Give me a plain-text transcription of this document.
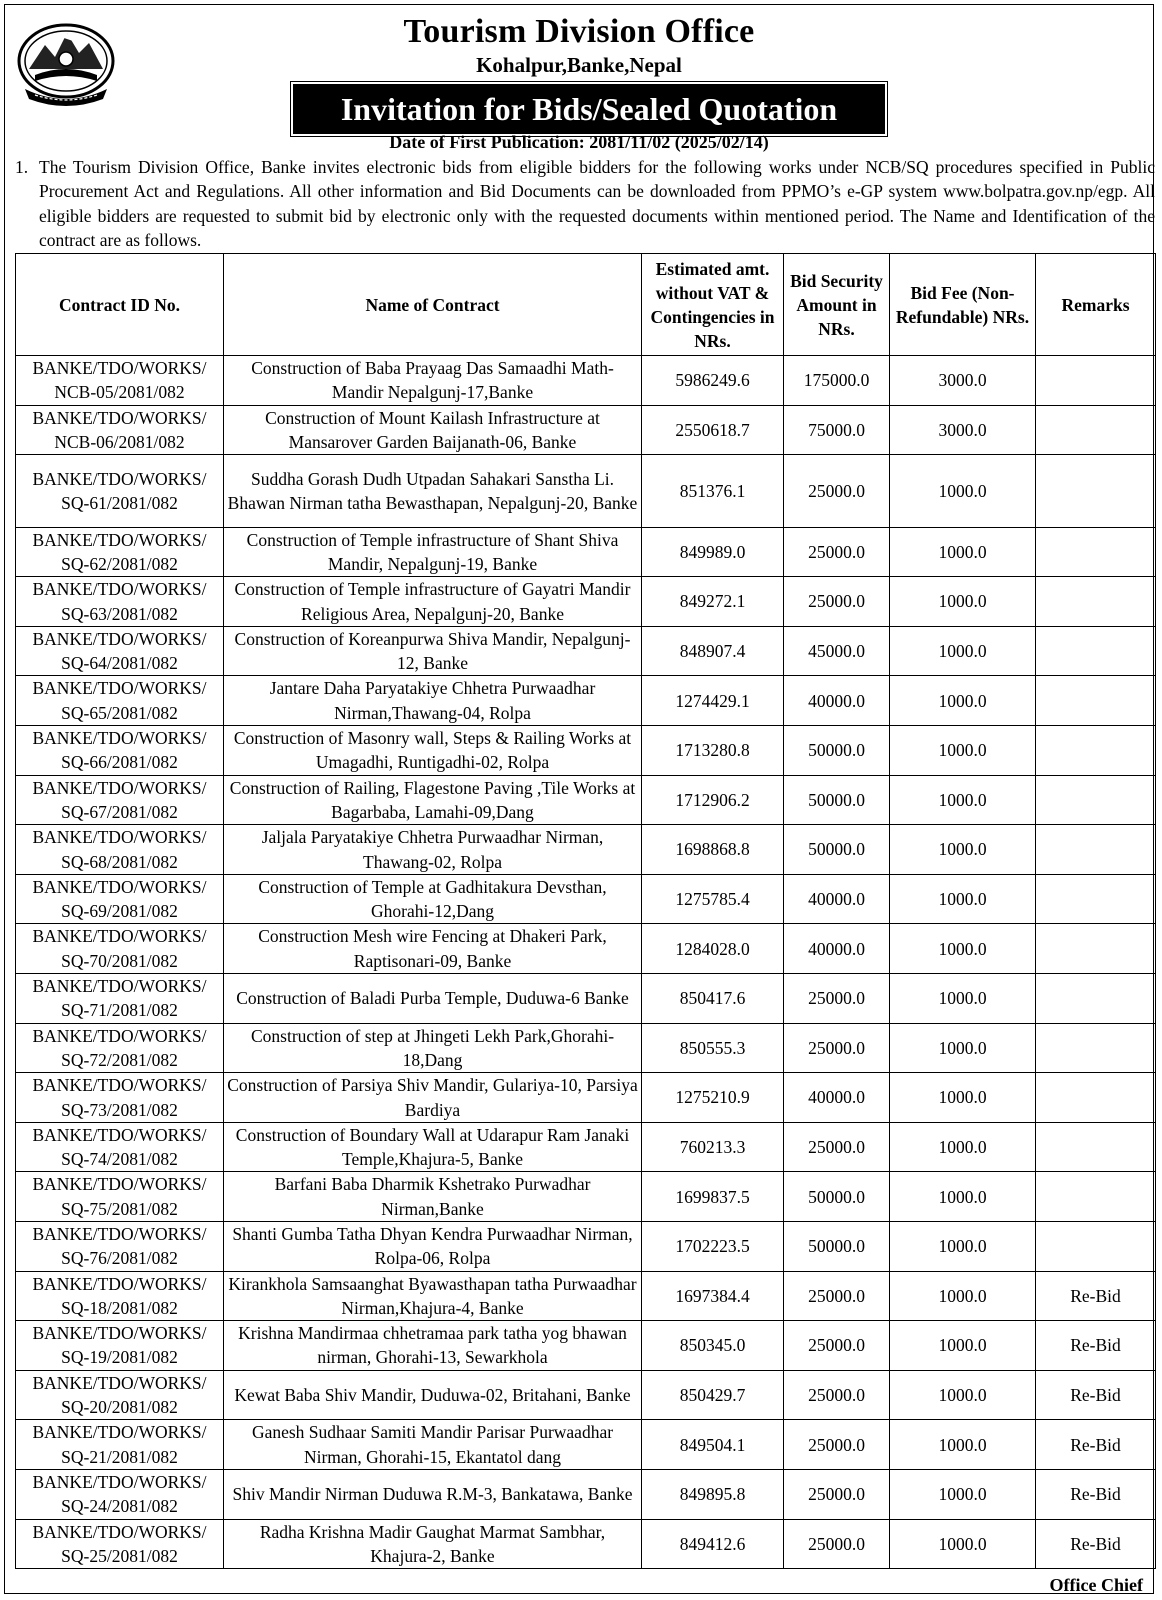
Tourism Division Office
Kohalpur,Banke,Nepal
Invitation for Bids/Sealed Quotation
Date of First Publication: 2081/11/02 (2025/02/14)
1. The Tourism Division Office, Banke invites electronic bids from eligible bidders for the following works under NCB/SQ procedures specified in Public Procurement Act and Regulations. All other information and Bid Documents can be downloaded from PPMO’s e-GP system www.bolpatra.gov.np/egp. All eligible bidders are requested to submit bid by electronic only with the requested documents within mentioned period. The Name and Identification of the contract are as follows.
Contract ID No.	Name of Contract	Estimated amt. without VAT & Contingencies in NRs.	Bid Security Amount in NRs.	Bid Fee (Non-Refundable) NRs.	Remarks
BANKE/TDO/WORKS/ NCB-05/2081/082	Construction of Baba Prayaag Das Samaadhi Math-Mandir Nepalgunj-17,Banke	5986249.6	175000.0	3000.0	
BANKE/TDO/WORKS/ NCB-06/2081/082	Construction of Mount Kailash Infrastructure at Mansarover Garden Baijanath-06, Banke	2550618.7	75000.0	3000.0	
BANKE/TDO/WORKS/ SQ-61/2081/082	Suddha Gorash Dudh Utpadan Sahakari Sanstha Li. Bhawan Nirman tatha Bewasthapan, Nepalgunj-20, Banke	851376.1	25000.0	1000.0	
BANKE/TDO/WORKS/ SQ-62/2081/082	Construction of Temple infrastructure of Shant Shiva Mandir, Nepalgunj-19, Banke	849989.0	25000.0	1000.0	
BANKE/TDO/WORKS/ SQ-63/2081/082	Construction of Temple infrastructure of Gayatri Mandir Religious Area, Nepalgunj-20, Banke	849272.1	25000.0	1000.0	
BANKE/TDO/WORKS/ SQ-64/2081/082	Construction of Koreanpurwa Shiva Mandir, Nepalgunj-12, Banke	848907.4	45000.0	1000.0	
BANKE/TDO/WORKS/ SQ-65/2081/082	Jantare Daha Paryatakiye Chhetra Purwaadhar Nirman,Thawang-04, Rolpa	1274429.1	40000.0	1000.0	
BANKE/TDO/WORKS/ SQ-66/2081/082	Construction of Masonry wall, Steps & Railing Works at Umagadhi, Runtigadhi-02, Rolpa	1713280.8	50000.0	1000.0	
BANKE/TDO/WORKS/ SQ-67/2081/082	Construction of Railing, Flagestone Paving ,Tile Works at Bagarbaba, Lamahi-09,Dang	1712906.2	50000.0	1000.0	
BANKE/TDO/WORKS/ SQ-68/2081/082	Jaljala Paryatakiye Chhetra Purwaadhar Nirman, Thawang-02, Rolpa	1698868.8	50000.0	1000.0	
BANKE/TDO/WORKS/ SQ-69/2081/082	Construction of Temple at Gadhitakura Devsthan, Ghorahi-12,Dang	1275785.4	40000.0	1000.0	
BANKE/TDO/WORKS/ SQ-70/2081/082	Construction Mesh wire Fencing at Dhakeri Park, Raptisonari-09, Banke	1284028.0	40000.0	1000.0	
BANKE/TDO/WORKS/ SQ-71/2081/082	Construction of Baladi Purba Temple, Duduwa-6 Banke	850417.6	25000.0	1000.0	
BANKE/TDO/WORKS/ SQ-72/2081/082	Construction of step at Jhingeti Lekh Park,Ghorahi-18,Dang	850555.3	25000.0	1000.0	
BANKE/TDO/WORKS/ SQ-73/2081/082	Construction of Parsiya Shiv Mandir, Gulariya-10, Parsiya Bardiya	1275210.9	40000.0	1000.0	
BANKE/TDO/WORKS/ SQ-74/2081/082	Construction of Boundary Wall at Udarapur Ram Janaki Temple,Khajura-5, Banke	760213.3	25000.0	1000.0	
BANKE/TDO/WORKS/ SQ-75/2081/082	Barfani Baba Dharmik Kshetrako Purwadhar Nirman,Banke	1699837.5	50000.0	1000.0	
BANKE/TDO/WORKS/ SQ-76/2081/082	Shanti Gumba Tatha Dhyan Kendra Purwaadhar Nirman, Rolpa-06, Rolpa	1702223.5	50000.0	1000.0	
BANKE/TDO/WORKS/ SQ-18/2081/082	Kirankhola Samsaanghat Byawasthapan tatha Purwaadhar Nirman,Khajura-4, Banke	1697384.4	25000.0	1000.0	Re-Bid
BANKE/TDO/WORKS/ SQ-19/2081/082	Krishna Mandirmaa chhetramaa park tatha yog bhawan nirman, Ghorahi-13, Sewarkhola	850345.0	25000.0	1000.0	Re-Bid
BANKE/TDO/WORKS/ SQ-20/2081/082	Kewat Baba Shiv Mandir, Duduwa-02, Britahani, Banke	850429.7	25000.0	1000.0	Re-Bid
BANKE/TDO/WORKS/ SQ-21/2081/082	Ganesh Sudhaar Samiti Mandir Parisar Purwaadhar Nirman, Ghorahi-15, Ekantatol dang	849504.1	25000.0	1000.0	Re-Bid
BANKE/TDO/WORKS/ SQ-24/2081/082	Shiv Mandir Nirman Duduwa R.M-3, Bankatawa, Banke	849895.8	25000.0	1000.0	Re-Bid
BANKE/TDO/WORKS/ SQ-25/2081/082	Radha Krishna Madir Gaughat Marmat Sambhar, Khajura-2, Banke	849412.6	25000.0	1000.0	Re-Bid
Office Chief
